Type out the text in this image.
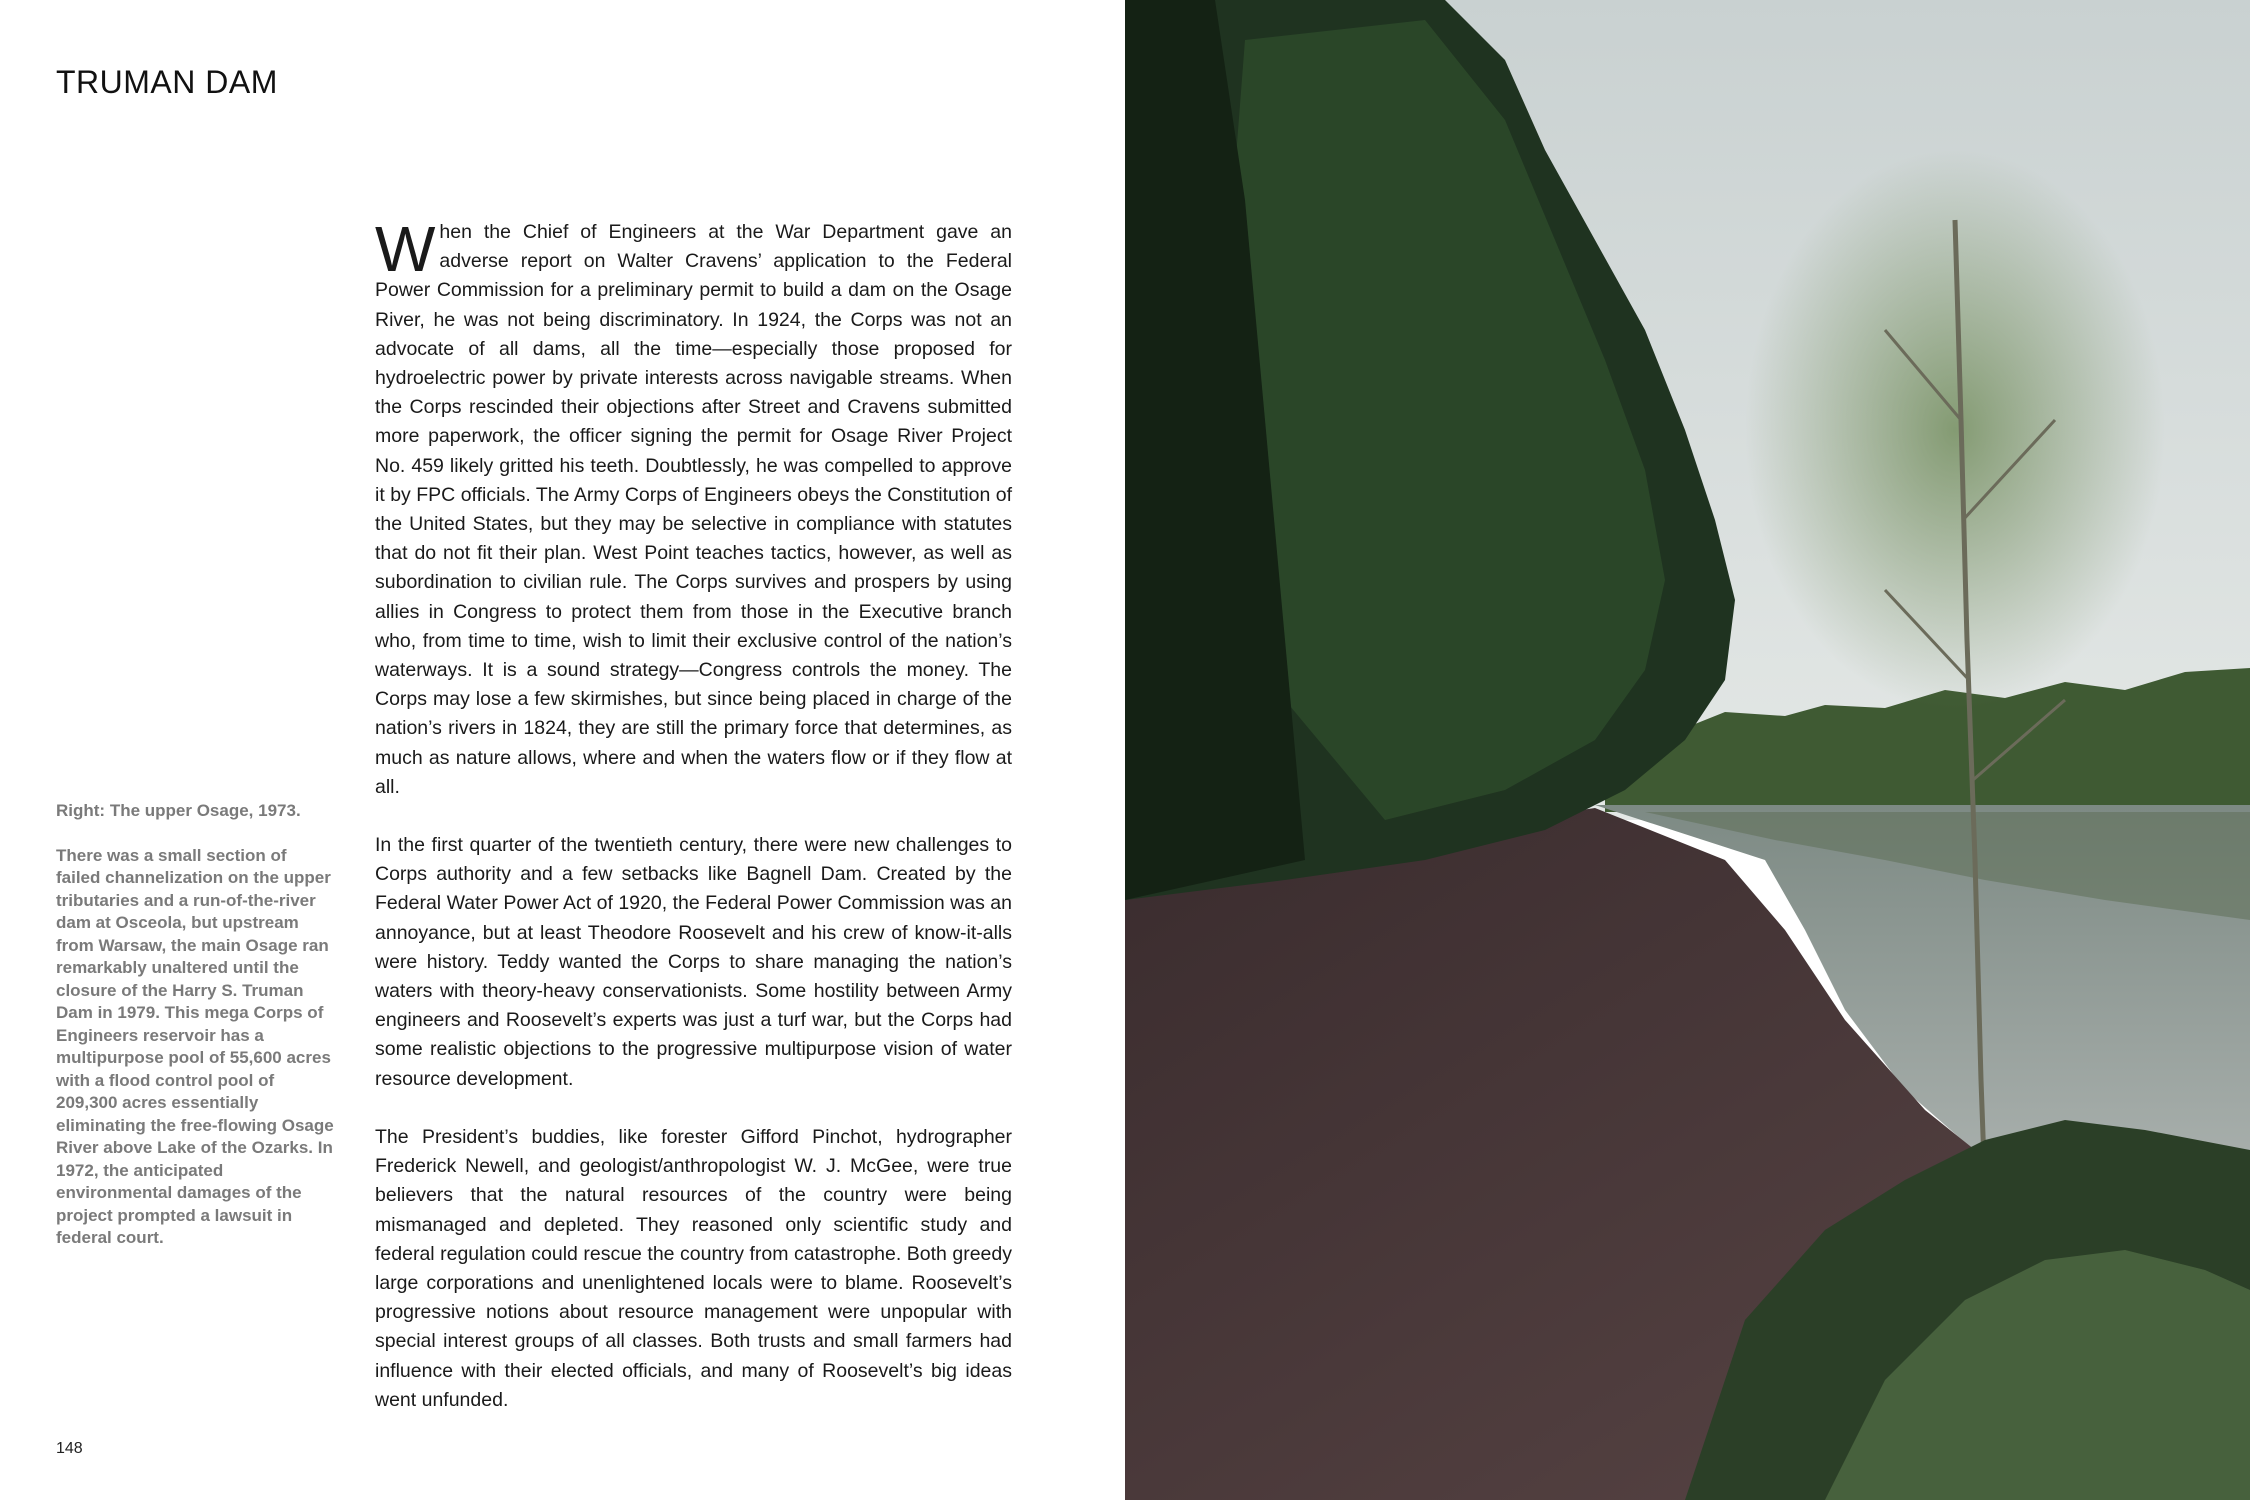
TRUMAN DAM

Right: The upper Osage, 1973.

There was a small section of failed channelization on the upper tributaries and a run-of-the-river dam at Osceola, but upstream from Warsaw, the main Osage ran remarkably unaltered until the closure of the Harry S. Truman Dam in 1979. This mega Corps of Engineers reservoir has a multipurpose pool of 55,600 acres with a flood control pool of 209,300 acres essentially eliminating the free-flowing Osage River above Lake of the Ozarks. In 1972, the anticipated environmental damages of the project prompted a lawsuit in federal court.

When the Chief of Engineers at the War Department gave an adverse report on Walter Cravens’ application to the Federal Power Commission for a preliminary permit to build a dam on the Osage River, he was not being discriminatory. In 1924, the Corps was not an advocate of all dams, all the time—especially those proposed for hydroelectric power by private interests across navigable streams. When the Corps rescinded their objections after Street and Cravens submitted more paperwork, the officer signing the permit for Osage River Project No. 459 likely gritted his teeth. Doubtlessly, he was compelled to approve it by FPC officials. The Army Corps of Engineers obeys the Constitution of the United States, but they may be selective in compliance with statutes that do not fit their plan. West Point teaches tactics, however, as well as subordination to civilian rule. The Corps survives and prospers by using allies in Congress to protect them from those in the Executive branch who, from time to time, wish to limit their exclusive control of the nation’s waterways. It is a sound strategy—Congress controls the money. The Corps may lose a few skirmishes, but since being placed in charge of the nation’s rivers in 1824, they are still the primary force that determines, as much as nature allows, where and when the waters flow or if they flow at all.

In the first quarter of the twentieth century, there were new challenges to Corps authority and a few setbacks like Bagnell Dam. Created by the Federal Water Power Act of 1920, the Federal Power Commission was an annoyance, but at least Theodore Roosevelt and his crew of know-it-alls were history. Teddy wanted the Corps to share managing the nation’s waters with theory-heavy conservationists. Some hostility between Army engineers and Roosevelt’s experts was just a turf war, but the Corps had some realistic objections to the progressive multipurpose vision of water resource development.

The President’s buddies, like forester Gifford Pinchot, hydrographer Frederick Newell, and geologist/anthropologist W. J. McGee, were true believers that the natural resources of the country were being mismanaged and depleted. They reasoned only scientific study and federal regulation could rescue the country from catastrophe. Both greedy large corporations and unenlightened locals were to blame. Roosevelt’s progressive notions about resource management were unpopular with special interest groups of all classes. Both trusts and small farmers had influence with their elected officials, and many of Roosevelt’s big ideas went unfunded.

148
